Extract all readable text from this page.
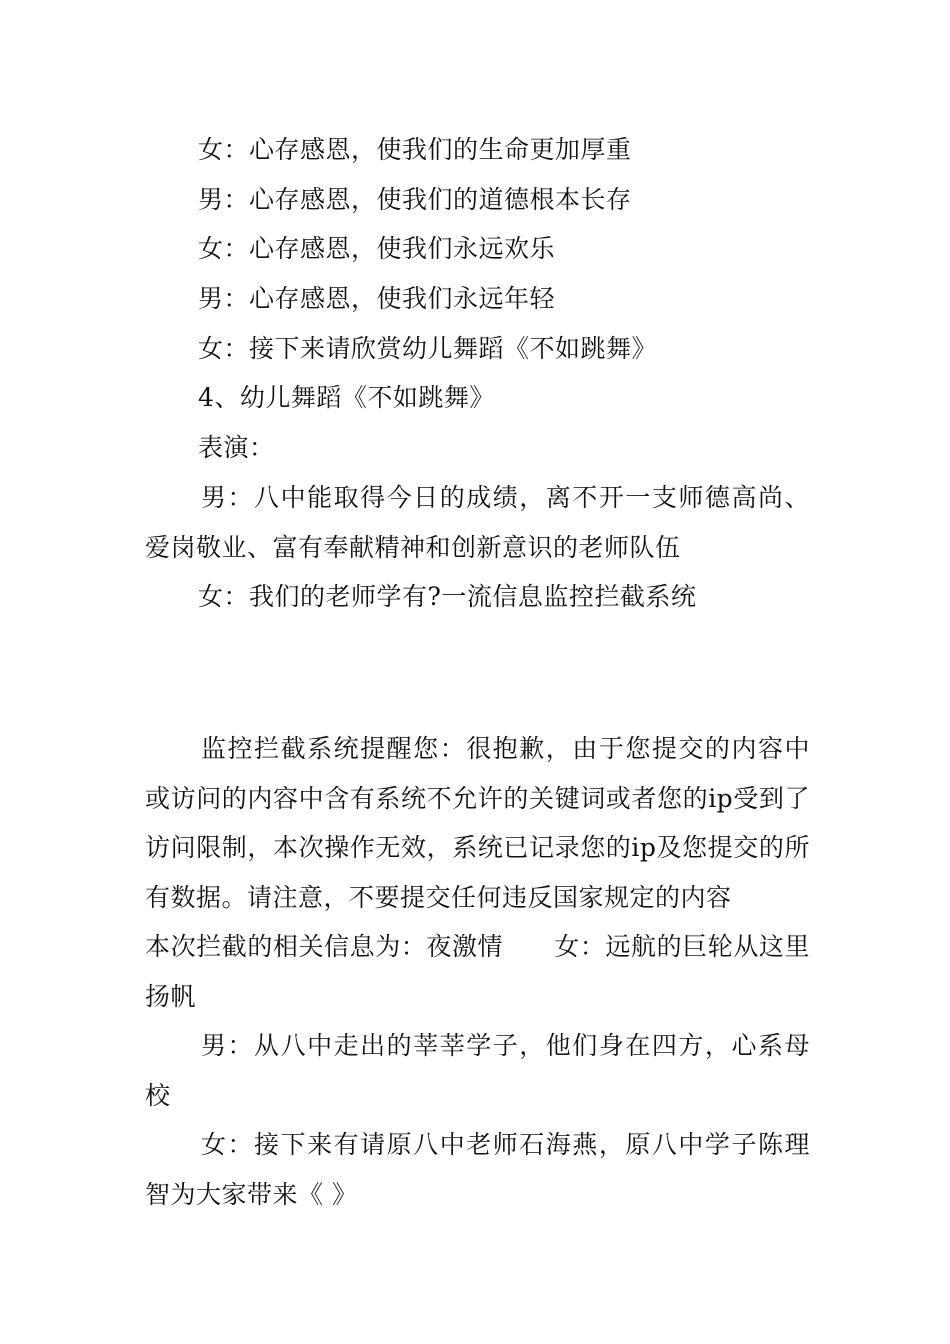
女：心存感恩，使我们的生命更加厚重
男：心存感恩，使我们的道德根本长存
女：心存感恩，使我们永远欢乐
男：心存感恩，使我们永远年轻
女：接下来请欣赏幼儿舞蹈《不如跳舞》
4、幼儿舞蹈《不如跳舞》
表演：

男：八中能取得今日的成绩，离不开一支师德高尚、爱岗敬业、富有奉献精神和创新意识的老师队伍

女：我们的老师学有?一流信息监控拦截系统

监控拦截系统提醒您：很抱歉，由于您提交的内容中或访问的内容中含有系统不允许的关键词或者您的ip受到了访问限制，本次操作无效，系统已记录您的ip及您提交的所有数据。请注意，不要提交任何违反国家规定的内容

本次拦截的相关信息为：夜激情　　女：远航的巨轮从这里扬帆

男：从八中走出的莘莘学子，他们身在四方，心系母校

女：接下来有请原八中老师石海燕，原八中学子陈理智为大家带来《 》
